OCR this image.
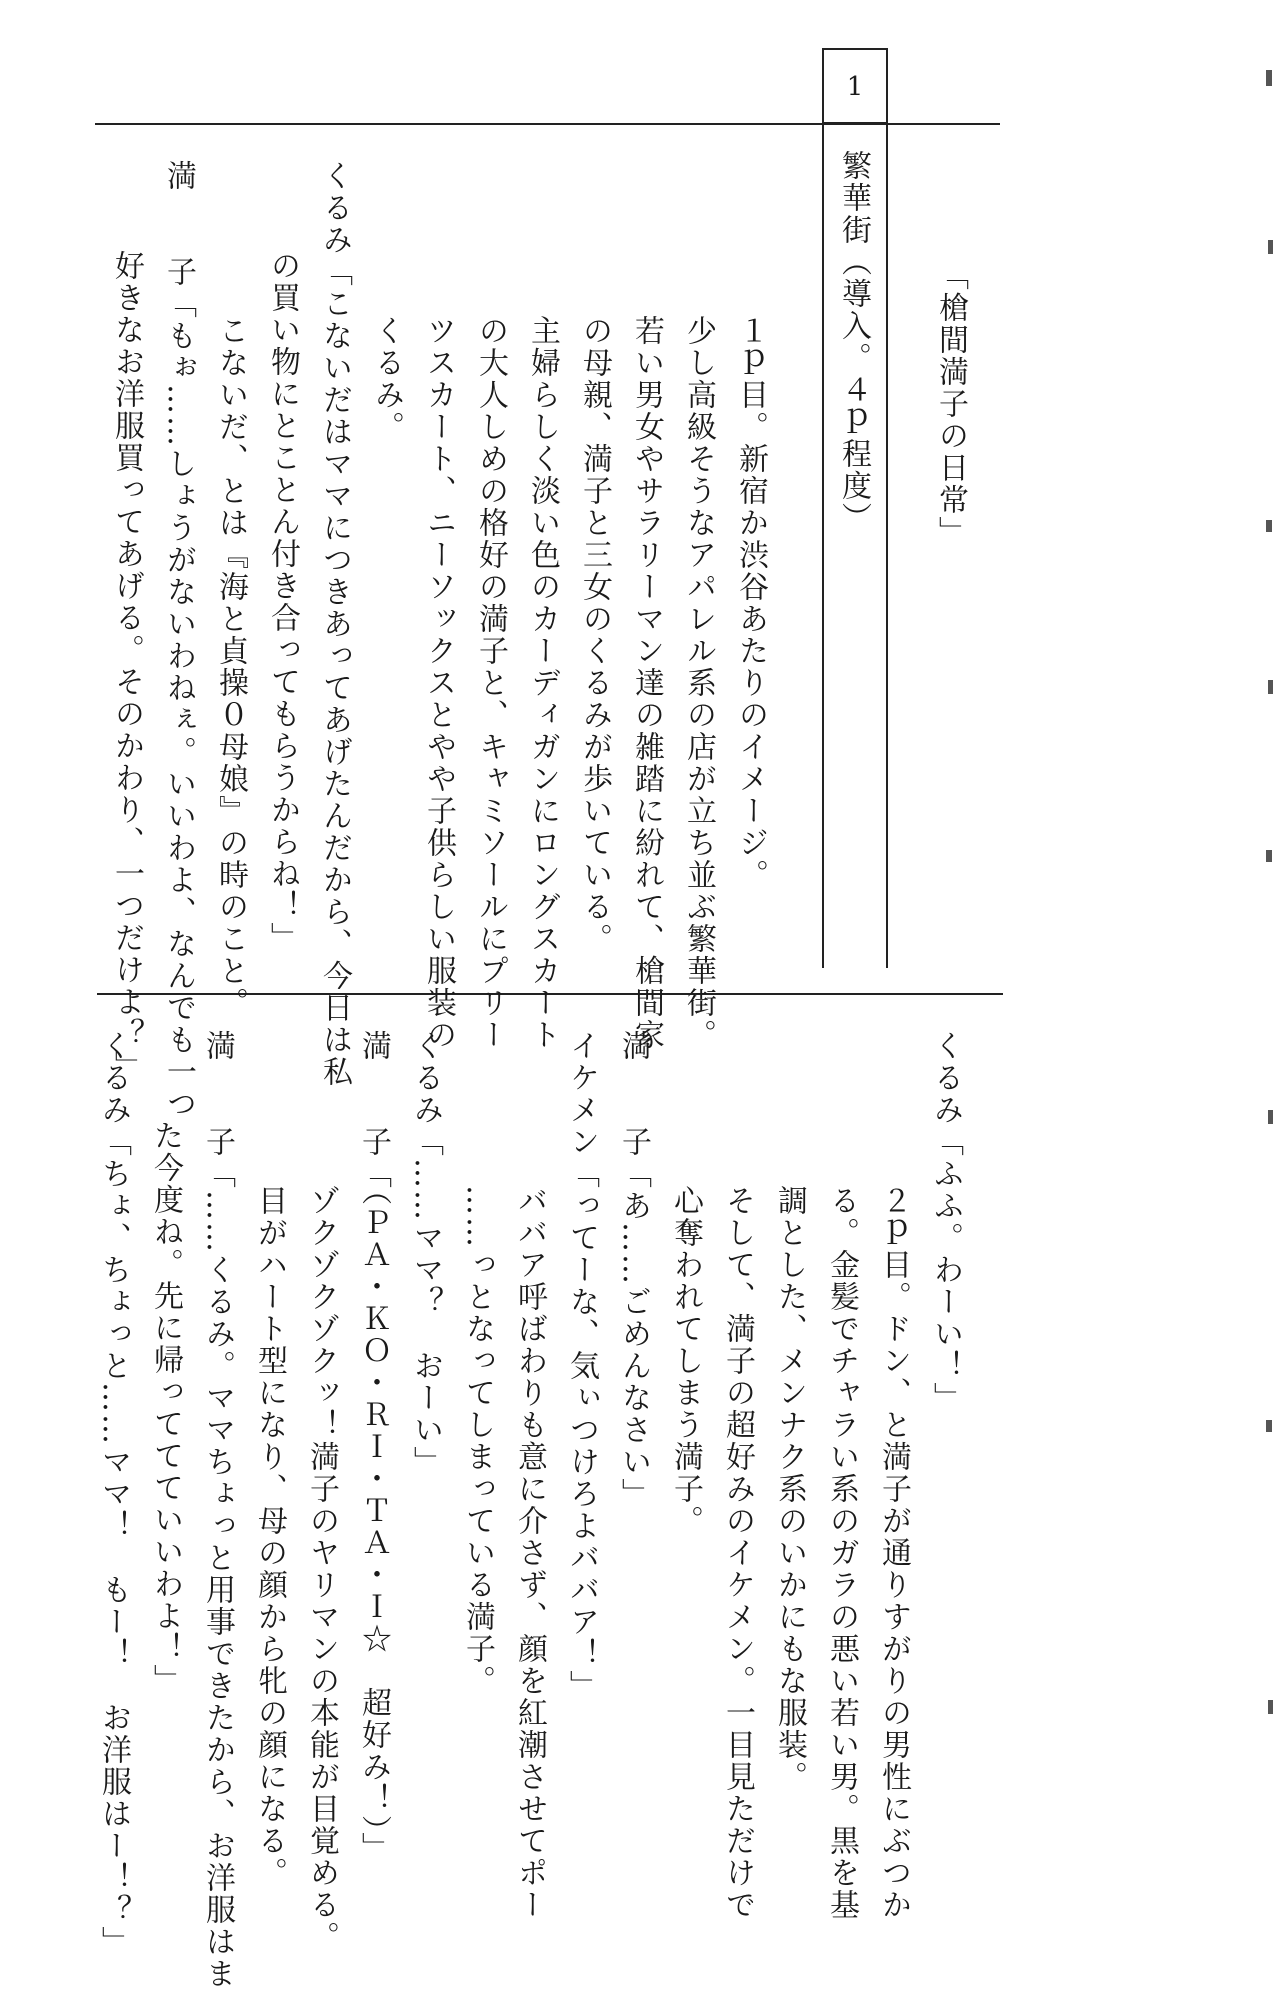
1
繁華街（導入。４ｐ程度） 「槍間満子の日常」
１ｐ目。新宿か渋谷あたりのイメージ。
少し高級そうなアパレル系の店が立ち並ぶ繁華街。
若い男女やサラリーマン達の雑踏に紛れて、槍間家
の母親、満子と三女のくるみが歩いている。
主婦らしく淡い色のカーディガンにロングスカート
の大人しめの格好の満子と、キャミソールにプリー
ツスカート、ニーソックスとやや子供らしい服装の
くるみ。
くるみ「こないだはママにつきあってあげたんだから、今日は私
の買い物にとことん付き合ってもらうからね！」
こないだ、とは『海と貞操０母娘』の時のこと。
満　　子「もぉ……しょうがないわねぇ。いいわよ、なんでも一つ
好きなお洋服買ってあげる。そのかわり、一つだけよ？」
くるみ「ふふ。わーい！」
２ｐ目。ドン、と満子が通りすがりの男性にぶつか
る。金髪でチャラい系のガラの悪い若い男。黒を基
調とした、メンナク系のいかにもな服装。
そして、満子の超好みのイケメン。一目見ただけで
心奪われてしまう満子。
満　　子「あ……ごめんなさい」
イケメン「ってーな、気ぃつけろよババア！」
ババア呼ばわりも意に介さず、顔を紅潮させてポー
……っとなってしまっている満子。
くるみ「……ママ？　おーい」
満　　子「（ＰＡ・ＫＯ・ＲＩ・ＴＡ・Ｉ☆　超好み！）」
ゾクゾクゾクッ！満子のヤリマンの本能が目覚める。
目がハート型になり、母の顔から牝の顔になる。
満　　子「……くるみ。ママちょっと用事できたから、お洋服はま
た今度ね。先に帰っててていいわよ！」
くるみ「ちょ、ちょっと……ママ！　もー！　お洋服はー！？」
